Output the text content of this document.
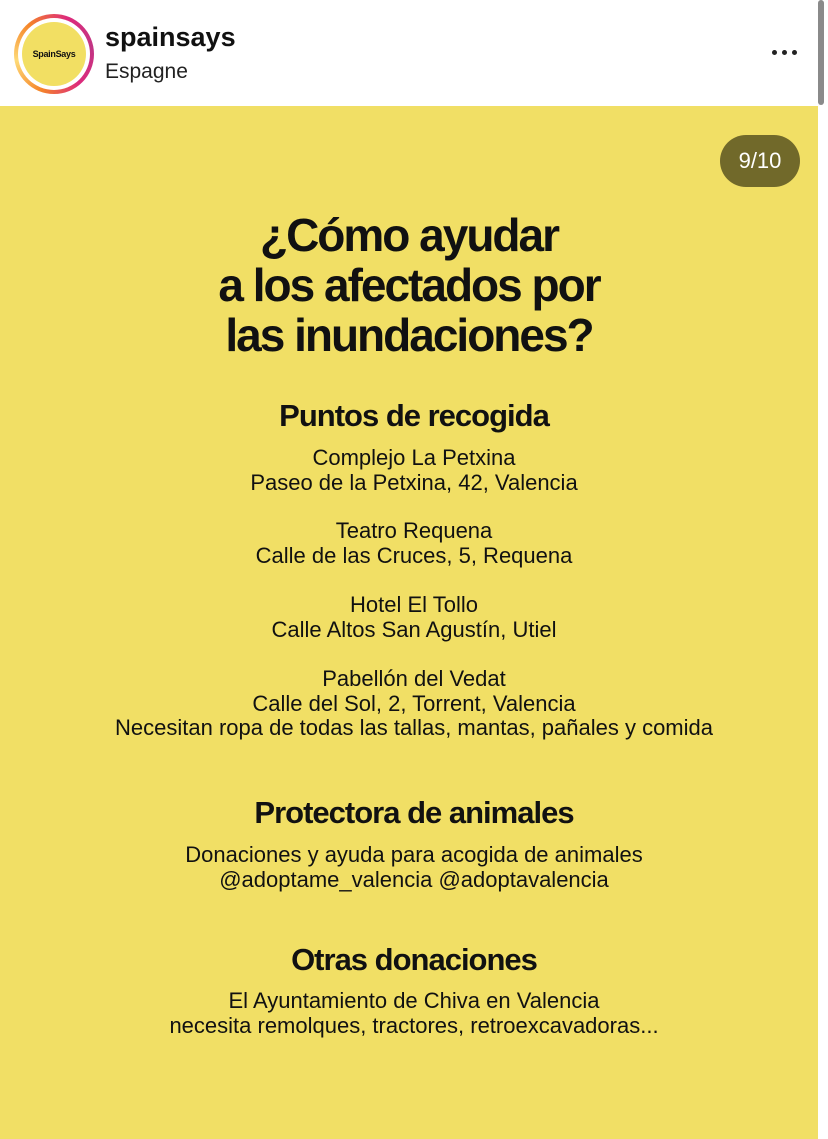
SpainSays
spainsays
Espagne
9/10
¿Cómo ayudar
a los afectados por
las inundaciones?
Puntos de recogida
Complejo La Petxina
Paseo de la Petxina, 42, Valencia
Teatro Requena
Calle de las Cruces, 5, Requena
Hotel El Tollo
Calle Altos San Agustín, Utiel
Pabellón del Vedat
Calle del Sol, 2, Torrent, Valencia
Necesitan ropa de todas las tallas, mantas, pañales y comida
Protectora de animales
Donaciones y ayuda para acogida de animales
@adoptame_valencia @adoptavalencia
Otras donaciones
El Ayuntamiento de Chiva en Valencia
necesita remolques, tractores, retroexcavadoras...
